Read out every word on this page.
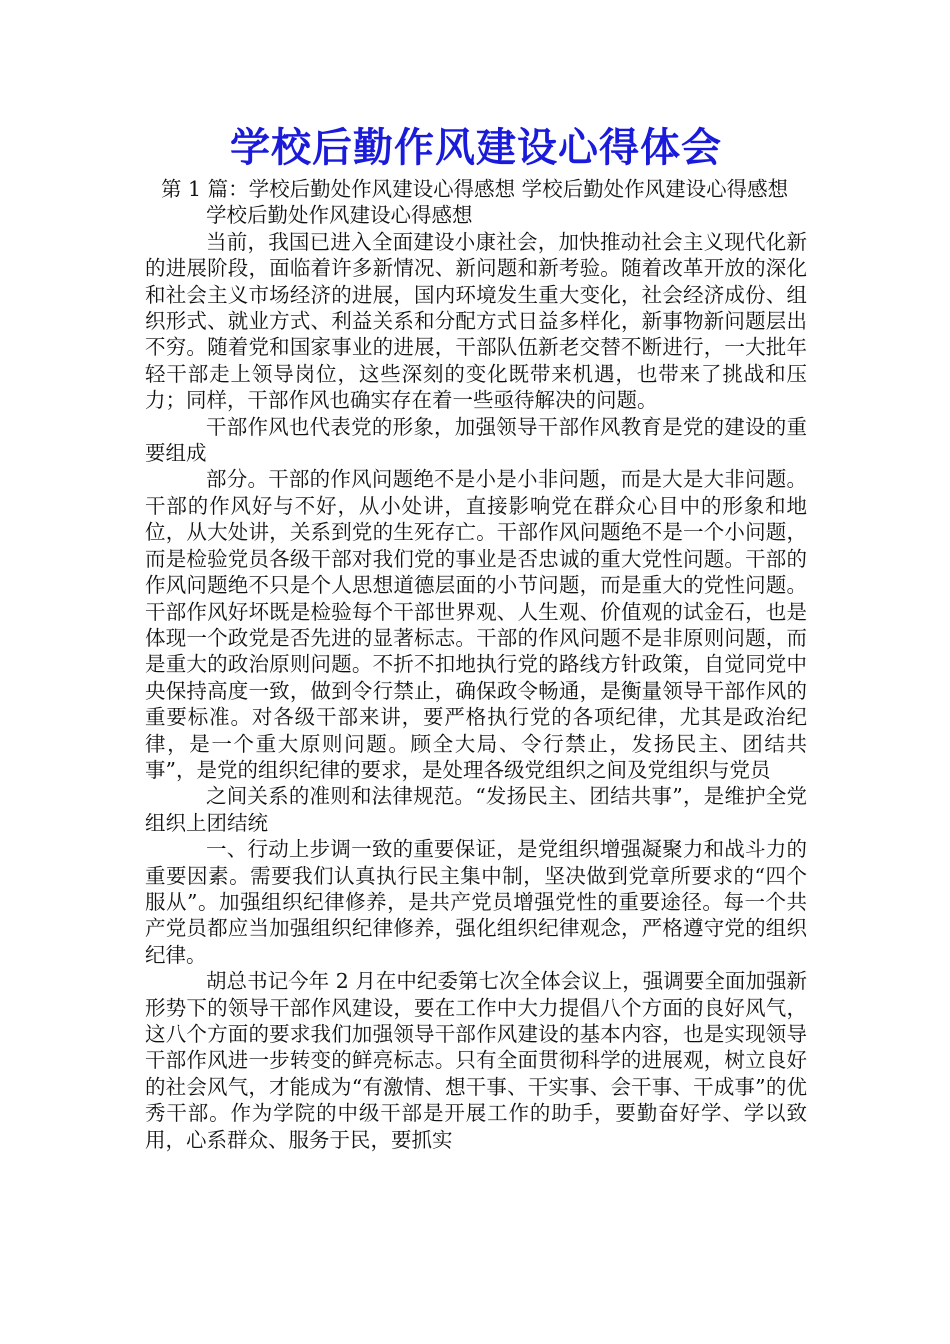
学校后勤作风建设心得体会

第 1 篇：学校后勤处作风建设心得感想 学校后勤处作风建设心得感想

学校后勤处作风建设心得感想

当前，我国已进入全面建设小康社会，加快推动社会主义现代化新的进展阶段，面临着许多新情况、新问题和新考验。随着改革开放的深化和社会主义市场经济的进展，国内环境发生重大变化，社会经济成份、组织形式、就业方式、利益关系和分配方式日益多样化，新事物新问题层出不穷。随着党和国家事业的进展，干部队伍新老交替不断进行，一大批年轻干部走上领导岗位，这些深刻的变化既带来机遇，也带来了挑战和压力；同样，干部作风也确实存在着一些亟待解决的问题。

干部作风也代表党的形象，加强领导干部作风教育是党的建设的重要组成

部分。干部的作风问题绝不是小是小非问题，而是大是大非问题。干部的作风好与不好，从小处讲，直接影响党在群众心目中的形象和地位，从大处讲，关系到党的生死存亡。干部作风问题绝不是一个小问题，而是检验党员各级干部对我们党的事业是否忠诚的重大党性问题。干部的作风问题绝不只是个人思想道德层面的小节问题，而是重大的党性问题。干部作风好坏既是检验每个干部世界观、人生观、价值观的试金石，也是体现一个政党是否先进的显著标志。干部的作风问题不是非原则问题，而是重大的政治原则问题。不折不扣地执行党的路线方针政策，自觉同党中央保持高度一致，做到令行禁止，确保政令畅通，是衡量领导干部作风的重要标准。对各级干部来讲，要严格执行党的各项纪律，尤其是政治纪律，是一个重大原则问题。顾全大局、令行禁止，发扬民主、团结共事”，是党的组织纪律的要求，是处理各级党组织之间及党组织与党员

之间关系的准则和法律规范。“发扬民主、团结共事”，是维护全党组织上团结统

一、行动上步调一致的重要保证，是党组织增强凝聚力和战斗力的重要因素。需要我们认真执行民主集中制，坚决做到党章所要求的“四个服从”。加强组织纪律修养，是共产党员增强党性的重要途径。每一个共产党员都应当加强组织纪律修养，强化组织纪律观念，严格遵守党的组织纪律。

胡总书记今年 2 月在中纪委第七次全体会议上，强调要全面加强新形势下的领导干部作风建设，要在工作中大力提倡八个方面的良好风气，这八个方面的要求我们加强领导干部作风建设的基本内容，也是实现领导干部作风进一步转变的鲜亮标志。只有全面贯彻科学的进展观，树立良好的社会风气，才能成为“有激情、想干事、干实事、会干事、干成事”的优秀干部。作为学院的中级干部是开展工作的助手，要勤奋好学、学以致用，心系群众、服务于民，要抓实
